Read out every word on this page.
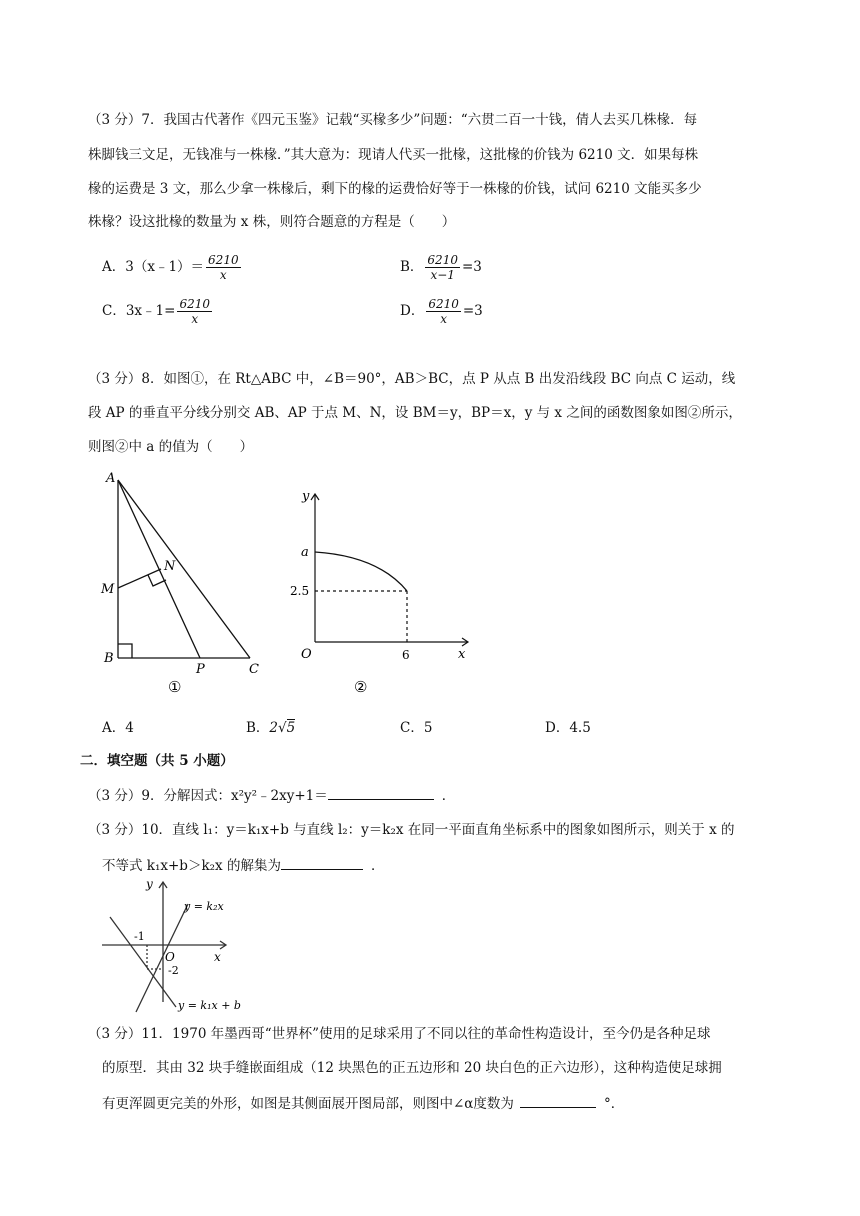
（3 分）7．我国古代著作《四元玉鉴》记载“买椽多少”问题：“六贯二百一十钱，倩人去买几株椽．每
株脚钱三文足，无钱准与一株椽．”其大意为：现请人代买一批椽，这批椽的价钱为 6210 文．如果每株
椽的运费是 3 文，那么少拿一株椽后，剩下的椽的运费恰好等于一株椽的价钱，试问 6210 文能买多少
株椽？设这批椽的数量为 x 株，则符合题意的方程是（　　）
A．3（x﹣1）＝ $\frac{6210}{x}$	B． $\frac{6210}{x-1} =3$
C．3x﹣1= $\frac{6210}{x}$	D． $\frac{6210}{x} =3$
（3 分）8．如图①，在 Rt△ABC 中，∠B＝90°，AB＞BC，点 P 从点 B 出发沿线段 BC 向点 C 运动，线
段 AP 的垂直平分线分别交 AB、AP 于点 M、N，设 BM＝y，BP＝x，y 与 x 之间的函数图象如图②所示，
则图②中 a 的值为（　　）
A
B
C
M
N
P
①
y
x
O
a
2.5
6
②
A．4	B．2√5	C．5	D．4.5
二．填空题（共 5 小题）
（3 分）9．分解因式：x²y²﹣2xy+1＝	．
（3 分）10．直线 l₁：y＝k₁x+b 与直线 l₂：y＝k₂x 在同一平面直角坐标系中的图象如图所示，则关于 x 的
不等式 k₁x+b＞k₂x 的解集为	．
y
x
O
-1
-2
y = k₂x
y = k₁x + b
（3 分）11．1970 年墨西哥“世界杯”使用的足球采用了不同以往的革命性构造设计，至今仍是各种足球
的原型．其由 32 块手缝嵌面组成（12 块黑色的正五边形和 20 块白色的正六边形），这种构造使足球拥
有更浑圆更完美的外形，如图是其侧面展开图局部，则图中∠α度数为	°．
